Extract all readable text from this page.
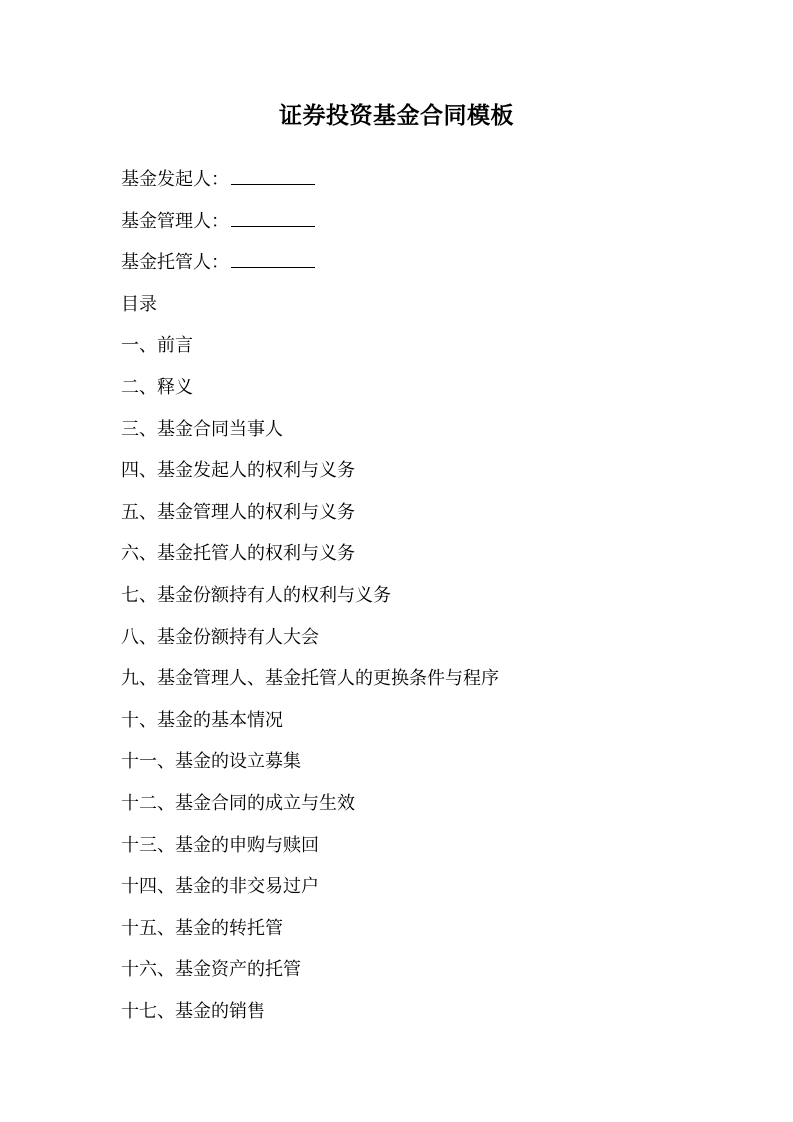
证券投资基金合同模板
基金发起人：
基金管理人：
基金托管人：
目录
一、前言
二、释义
三、基金合同当事人
四、基金发起人的权利与义务
五、基金管理人的权利与义务
六、基金托管人的权利与义务
七、基金份额持有人的权利与义务
八、基金份额持有人大会
九、基金管理人、基金托管人的更换条件与程序
十、基金的基本情况
十一、基金的设立募集
十二、基金合同的成立与生效
十三、基金的申购与赎回
十四、基金的非交易过户
十五、基金的转托管
十六、基金资产的托管
十七、基金的销售
